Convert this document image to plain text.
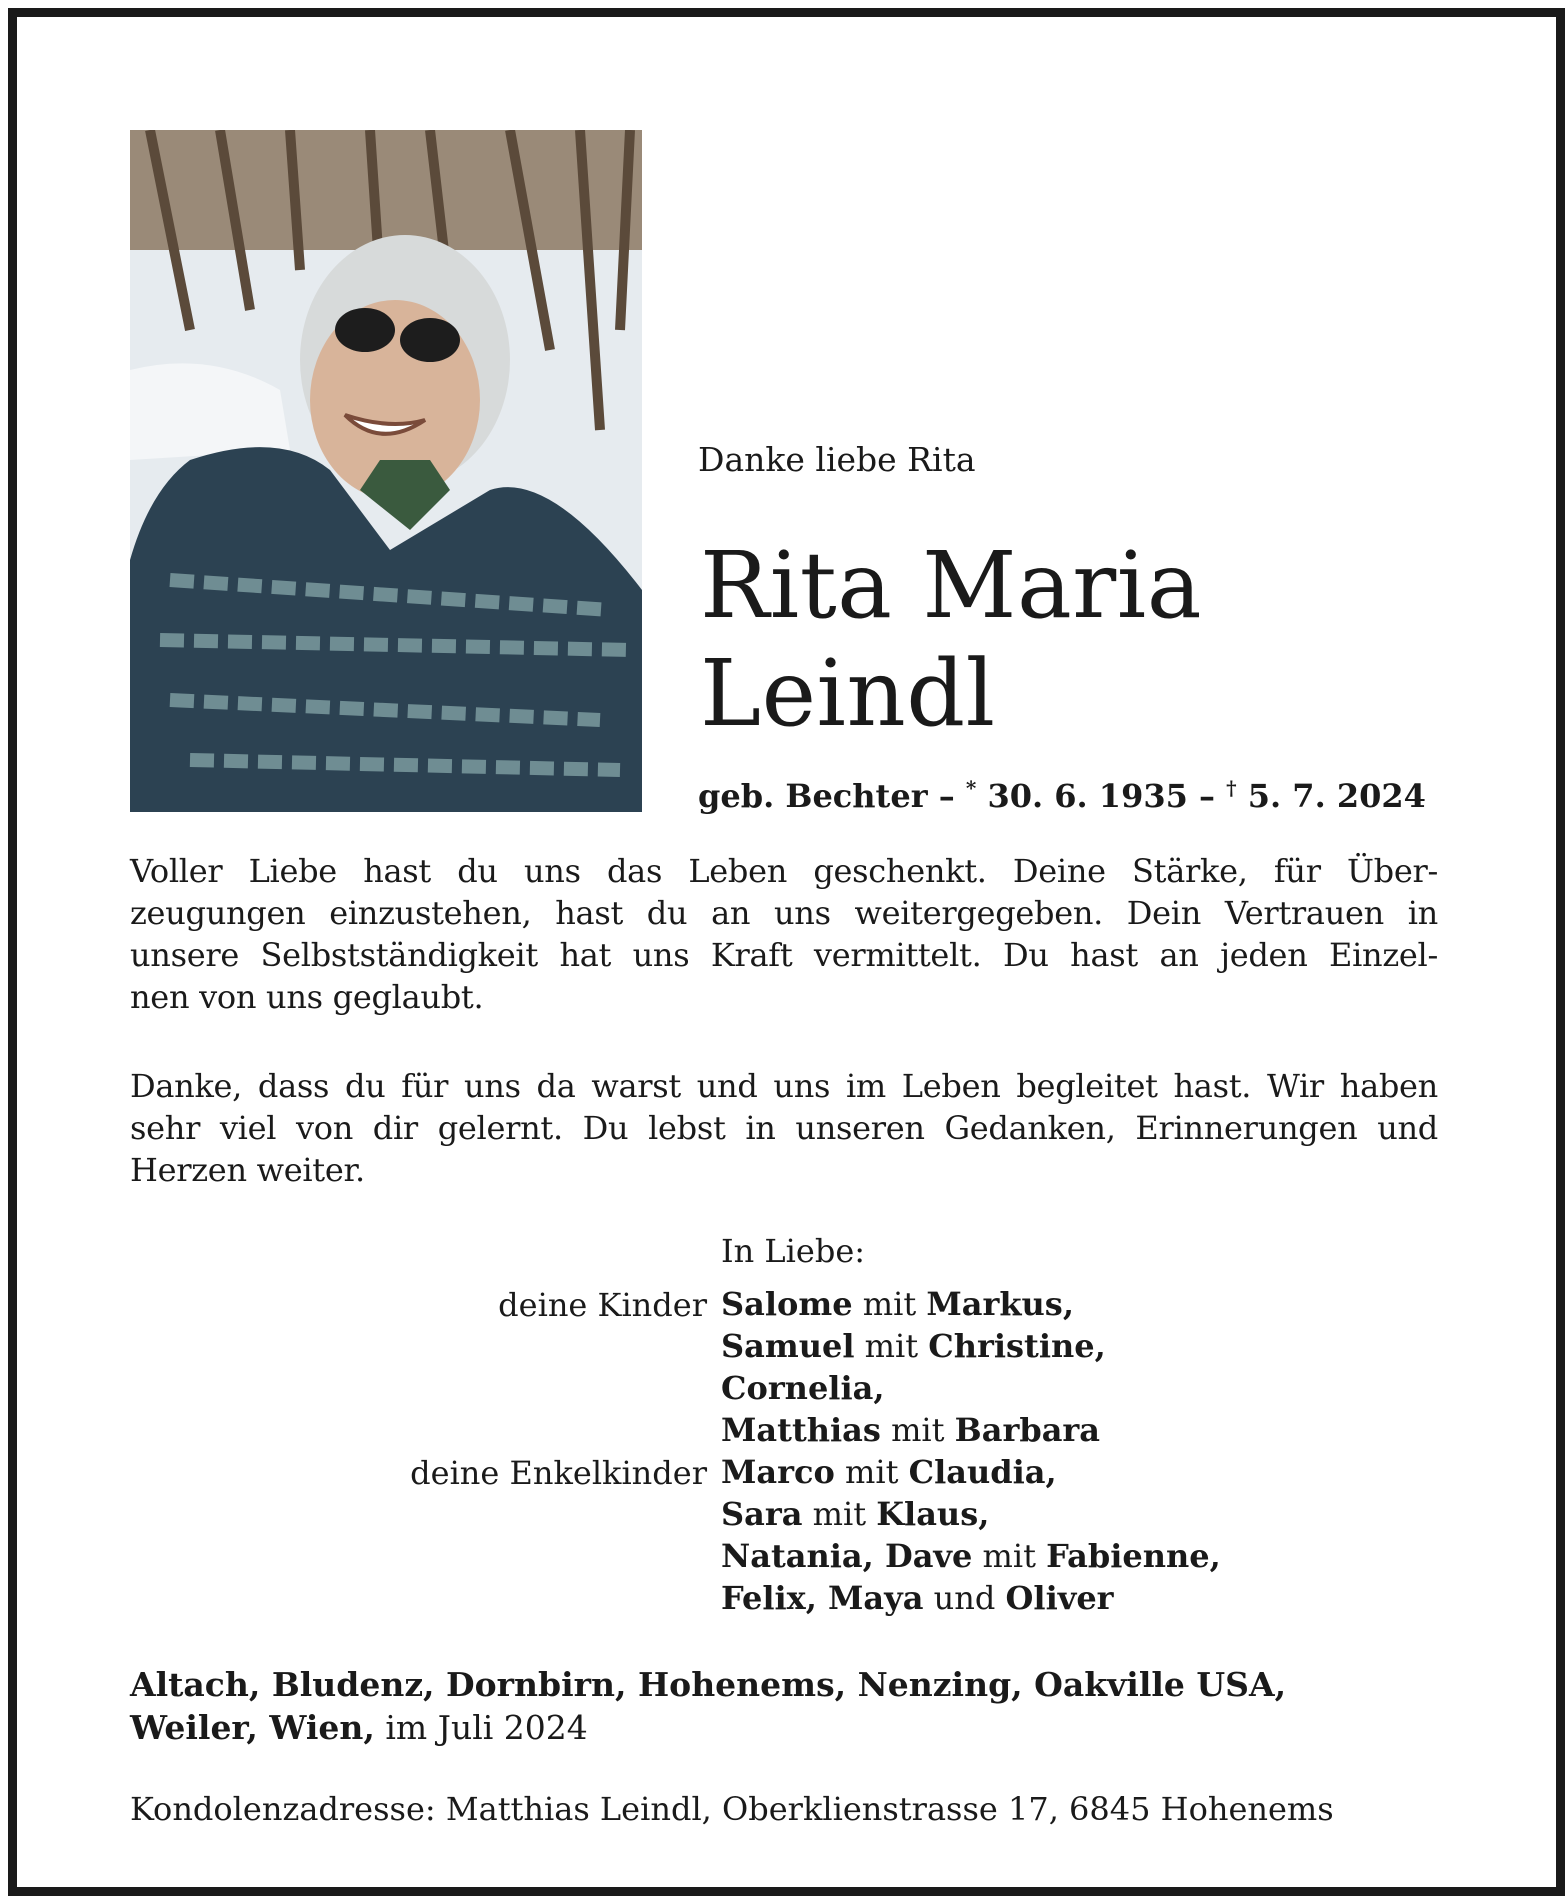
Danke liebe Rita
Rita Maria
Leindl
geb. Bechter – * 30. 6. 1935 – † 5. 7. 2024
Voller Liebe hast du uns das Leben geschenkt. Deine Stärke, für Über-
zeugungen einzustehen, hast du an uns weitergegeben. Dein Vertrauen in
unsere Selbstständigkeit hat uns Kraft vermittelt. Du hast an jeden Einzel-
nen von uns geglaubt.
Danke, dass du für uns da warst und uns im Leben begleitet hast. Wir haben
sehr viel von dir gelernt. Du lebst in unseren Gedanken, Erinnerungen und
Herzen weiter.
In Liebe:
deine Kinder Salome mit Markus,
Samuel mit Christine,
Cornelia,
Matthias mit Barbara
deine Enkelkinder Marco mit Claudia,
Sara mit Klaus,
Natania, Dave mit Fabienne,
Felix, Maya und Oliver
Altach, Bludenz, Dornbirn, Hohenems, Nenzing, Oakville USA,
Weiler, Wien, im Juli 2024
Kondolenzadresse: Matthias Leindl, Oberklienstrasse 17, 6845 Hohenems
